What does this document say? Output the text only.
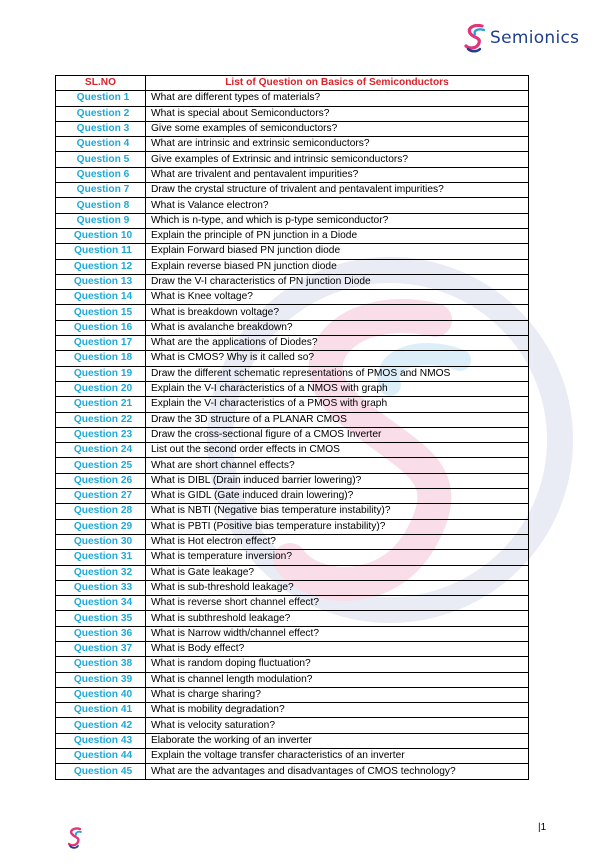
Semionics
SL.NO	List of Question on Basics of Semiconductors
Question 1	What are different types of materials?
Question 2	What is special about Semiconductors?
Question 3	Give some examples of semiconductors?
Question 4	What are intrinsic and extrinsic semiconductors?
Question 5	Give examples of Extrinsic and intrinsic semiconductors?
Question 6	What are trivalent and pentavalent impurities?
Question 7	Draw the crystal structure of trivalent and pentavalent impurities?
Question 8	What is Valance electron?
Question 9	Which is n-type, and which is p-type semiconductor?
Question 10	Explain the principle of PN junction in a Diode
Question 11	Explain Forward biased PN junction diode
Question 12	Explain reverse biased PN junction diode
Question 13	Draw the V-I characteristics of PN junction Diode
Question 14	What is Knee voltage?
Question 15	What is breakdown voltage?
Question 16	What is avalanche breakdown?
Question 17	What are the applications of Diodes?
Question 18	What is CMOS? Why is it called so?
Question 19	Draw the different schematic representations of PMOS and NMOS
Question 20	Explain the V-I characteristics of a NMOS with graph
Question 21	Explain the V-I characteristics of a PMOS with graph
Question 22	Draw the 3D structure of a PLANAR CMOS
Question 23	Draw the cross-sectional figure of a CMOS Inverter
Question 24	List out the second order effects in CMOS
Question 25	What are short channel effects?
Question 26	What is DIBL (Drain induced barrier lowering)?
Question 27	What is GIDL (Gate induced drain lowering)?
Question 28	What is NBTI (Negative bias temperature instability)?
Question 29	What is PBTI (Positive bias temperature instability)?
Question 30	What is Hot electron effect?
Question 31	What is temperature inversion?
Question 32	What is Gate leakage?
Question 33	What is sub-threshold leakage?
Question 34	What is reverse short channel effect?
Question 35	What is subthreshold leakage?
Question 36	What is Narrow width/channel effect?
Question 37	What is Body effect?
Question 38	What is random doping fluctuation?
Question 39	What is channel length modulation?
Question 40	What is charge sharing?
Question 41	What is mobility degradation?
Question 42	What is velocity saturation?
Question 43	Elaborate the working of an inverter
Question 44	Explain the voltage transfer characteristics of an inverter
Question 45	What are the advantages and disadvantages of CMOS technology?
|1
